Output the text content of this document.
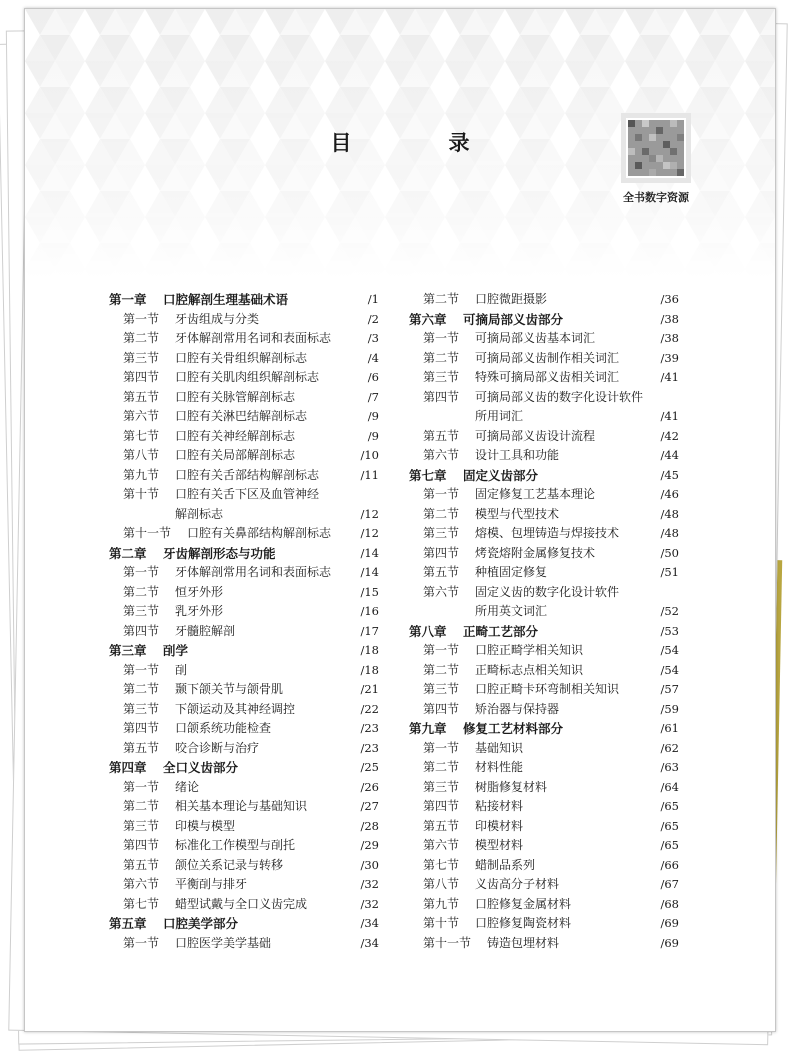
目　录
全书数字资源
第一章 口腔解剖生理基础术语	/1
第一节 牙齿组成与分类	/2
第二节 牙体解剖常用名词和表面标志	/3
第三节 口腔有关骨组织解剖标志	/4
第四节 口腔有关肌肉组织解剖标志	/6
第五节 口腔有关脉管解剖标志	/7
第六节 口腔有关淋巴结解剖标志	/9
第七节 口腔有关神经解剖标志	/9
第八节 口腔有关局部解剖标志	/10
第九节 口腔有关舌部结构解剖标志	/11
第十节 口腔有关舌下区及血管神经
解剖标志	/12
第十一节 口腔有关鼻部结构解剖标志	/12
第二章 牙齿解剖形态与功能	/14
第一节 牙体解剖常用名词和表面标志	/14
第二节 恒牙外形	/15
第三节 乳牙外形	/16
第四节 牙髓腔解剖	/17
第三章 㓦学	/18
第一节 㓦	/18
第二节 颞下颌关节与颌骨肌	/21
第三节 下颌运动及其神经调控	/22
第四节 口颌系统功能检查	/23
第五节 咬合诊断与治疗	/23
第四章 全口义齿部分	/25
第一节 绪论	/26
第二节 相关基本理论与基础知识	/27
第三节 印模与模型	/28
第四节 标准化工作模型与㓦托	/29
第五节 颌位关系记录与转移	/30
第六节 平衡㓦与排牙	/32
第七节 蜡型试戴与全口义齿完成	/32
第五章 口腔美学部分	/34
第一节 口腔医学美学基础	/34
第二节 口腔微距摄影	/36
第六章 可摘局部义齿部分	/38
第一节 可摘局部义齿基本词汇	/38
第二节 可摘局部义齿制作相关词汇	/39
第三节 特殊可摘局部义齿相关词汇	/41
第四节 可摘局部义齿的数字化设计软件
所用词汇	/41
第五节 可摘局部义齿设计流程	/42
第六节 设计工具和功能	/44
第七章 固定义齿部分	/45
第一节 固定修复工艺基本理论	/46
第二节 模型与代型技术	/48
第三节 熔模、包埋铸造与焊接技术	/48
第四节 烤瓷熔附金属修复技术	/50
第五节 种植固定修复	/51
第六节 固定义齿的数字化设计软件
所用英文词汇	/52
第八章 正畸工艺部分	/53
第一节 口腔正畸学相关知识	/54
第二节 正畸标志点相关知识	/54
第三节 口腔正畸卡环弯制相关知识	/57
第四节 矫治器与保持器	/59
第九章 修复工艺材料部分	/61
第一节 基础知识	/62
第二节 材料性能	/63
第三节 树脂修复材料	/64
第四节 粘接材料	/65
第五节 印模材料	/65
第六节 模型材料	/65
第七节 蜡制品系列	/66
第八节 义齿高分子材料	/67
第九节 口腔修复金属材料	/68
第十节 口腔修复陶瓷材料	/69
第十一节 铸造包埋材料	/69
